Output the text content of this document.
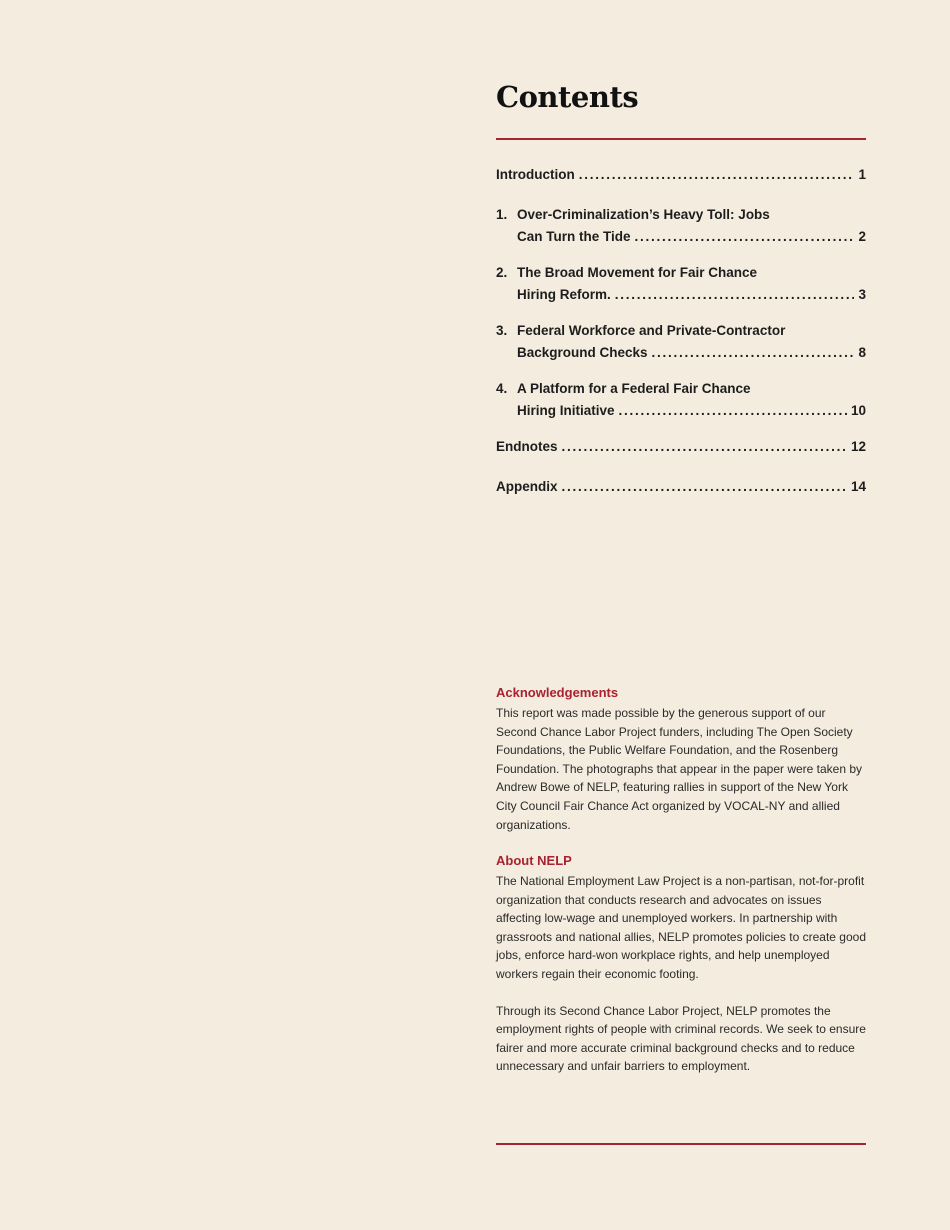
Contents
Introduction . . .	1
1. Over-Criminalization’s Heavy Toll: Jobs
Can Turn the Tide . . .	2
2. The Broad Movement for Fair Chance
Hiring Reform. . . .	3
3. Federal Workforce and Private-Contractor
Background Checks . . .	8
4. A Platform for a Federal Fair Chance
Hiring Initiative . . .	10
Endnotes . . .	12
Appendix . . .	14
Acknowledgements

This report was made possible by the generous support of our Second Chance Labor Project funders, including The Open Society Foundations, the Public Welfare Foundation, and the Rosenberg Foundation. The photographs that appear in the paper were taken by Andrew Bowe of NELP, featuring rallies in support of the New York City Council Fair Chance Act organized by VOCAL-NY and allied organizations.

About NELP

The National Employment Law Project is a non-partisan, not-for-profit organization that conducts research and advocates on issues affecting low-wage and unemployed workers. In partnership with grassroots and national allies, NELP promotes policies to create good jobs, enforce hard-won workplace rights, and help unemployed workers regain their economic footing.

Through its Second Chance Labor Project, NELP promotes the employment rights of people with criminal records. We seek to ensure fairer and more accurate criminal background checks and to reduce unnecessary and unfair barriers to employment.
